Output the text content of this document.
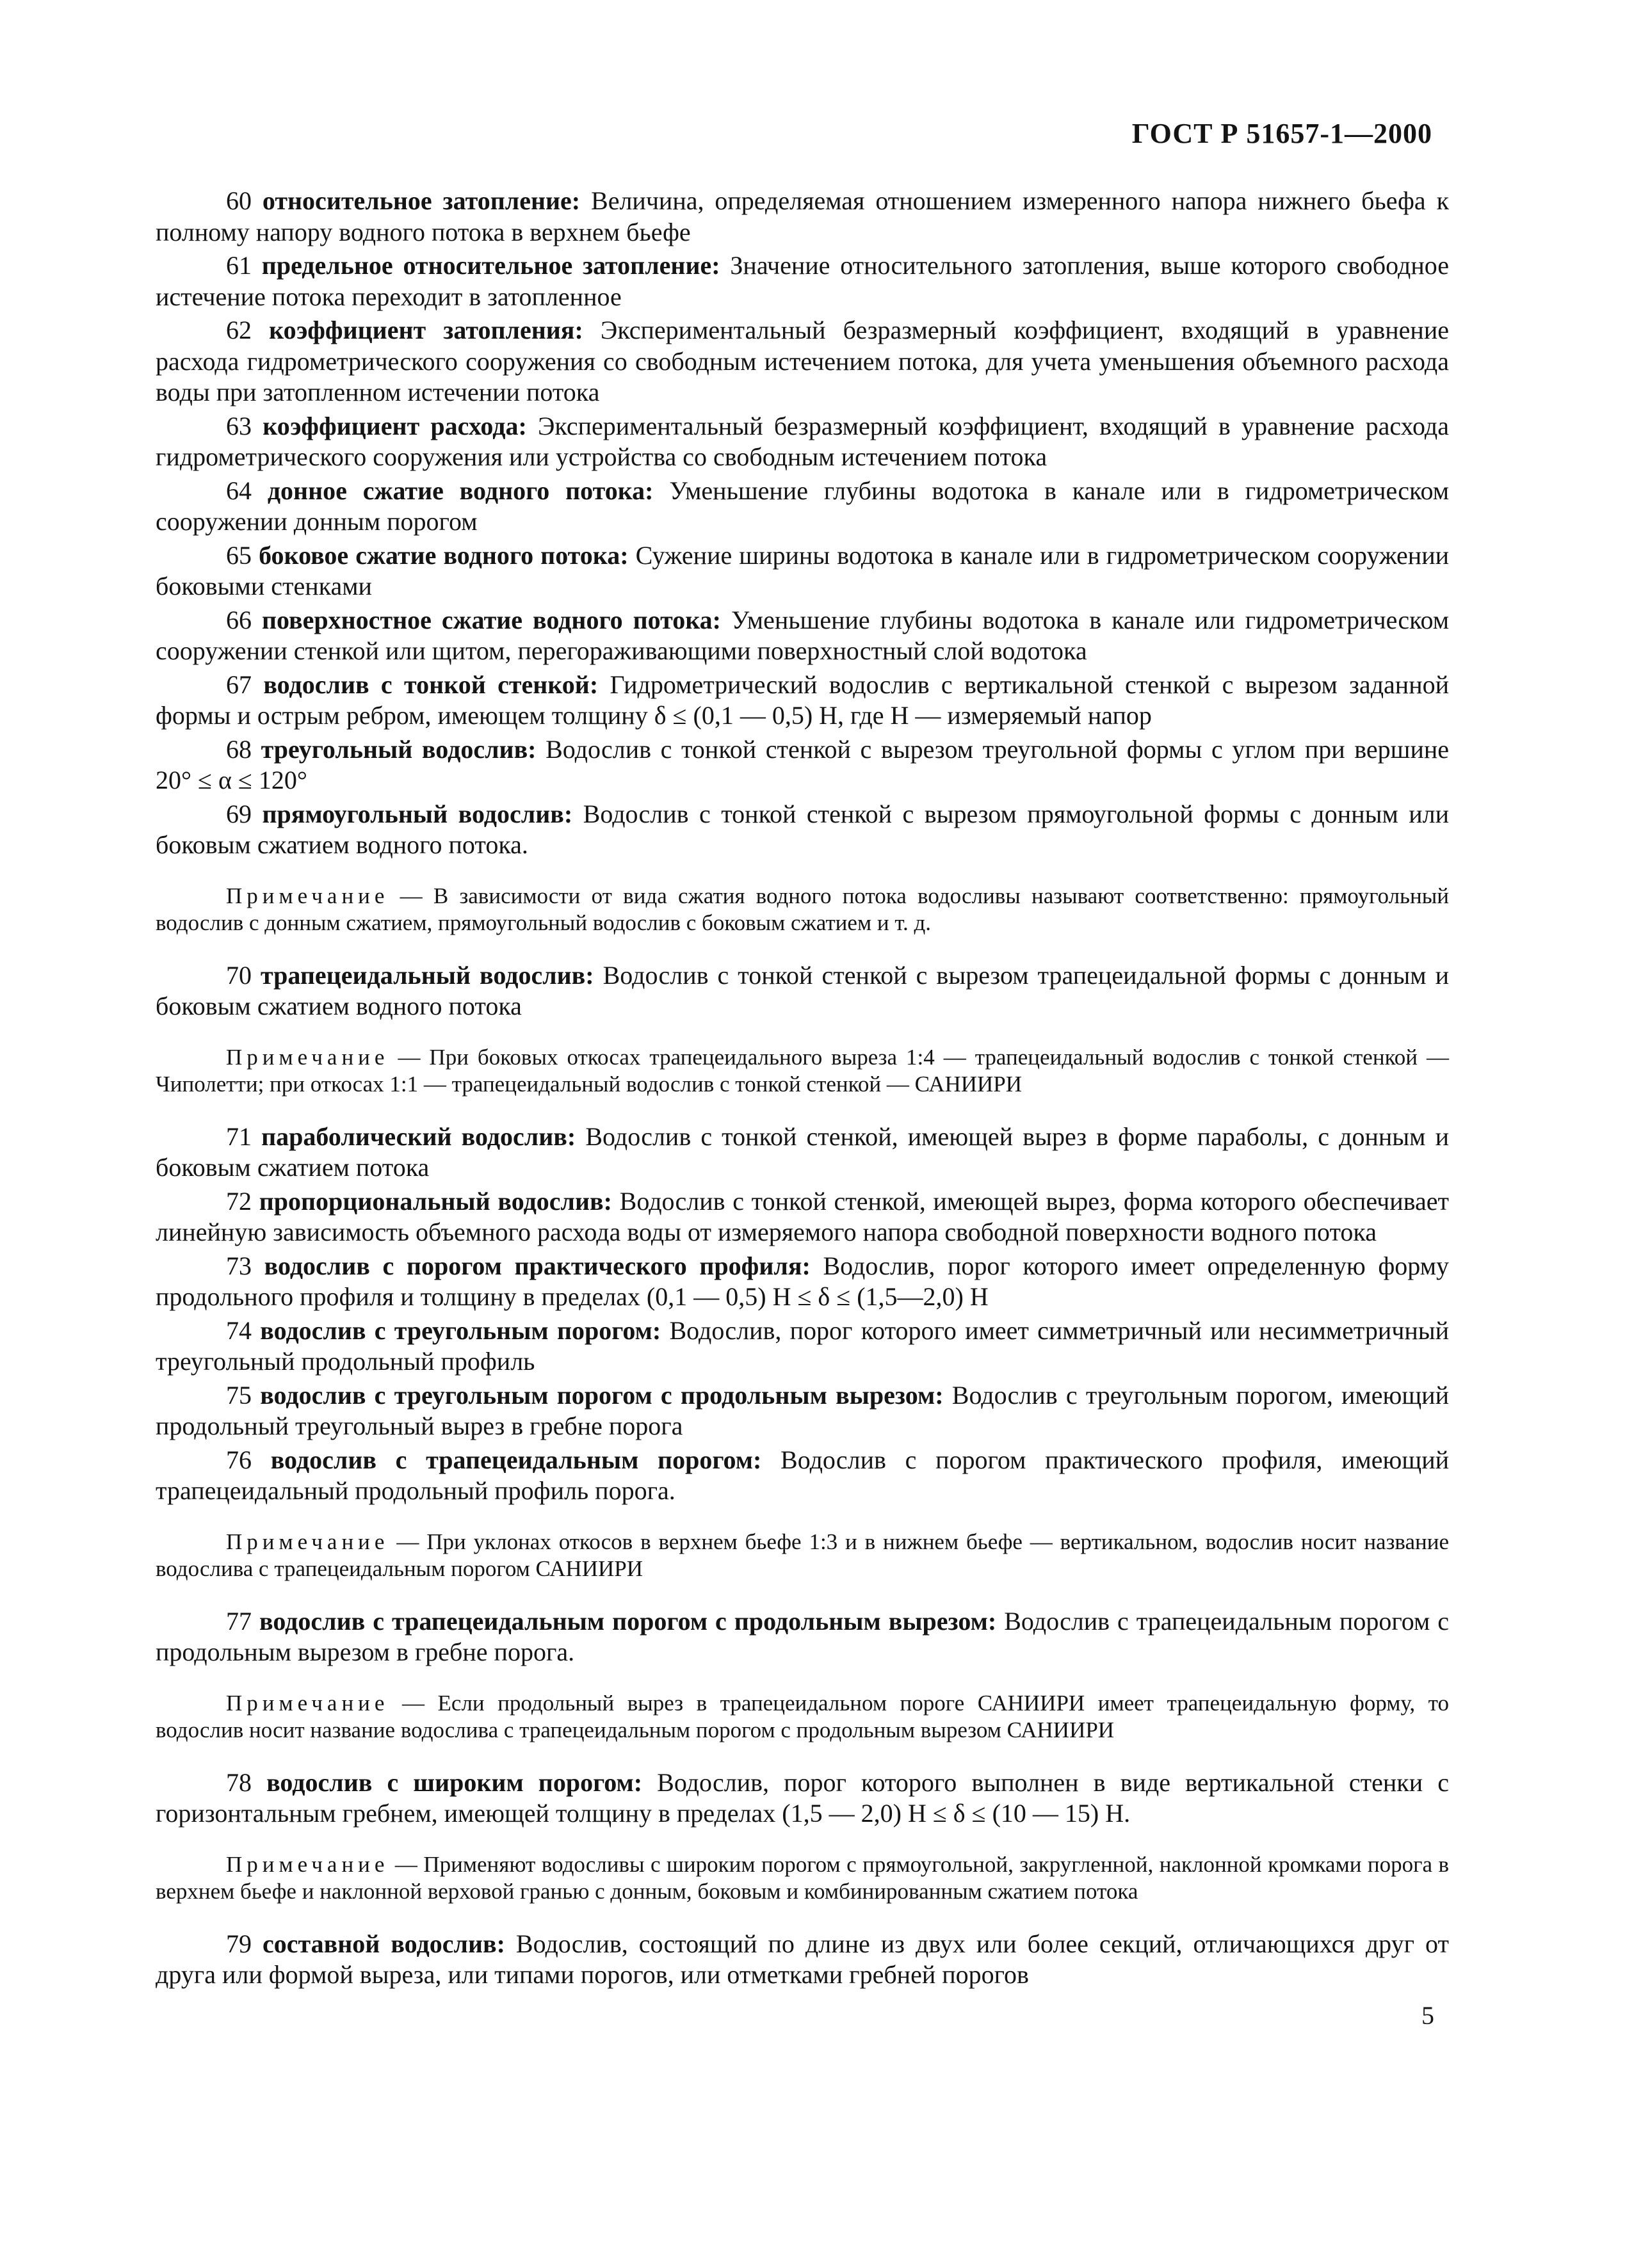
ГОСТ Р 51657-1—2000

60 относительное затопление: Величина, определяемая отношением измеренного напора нижнего бьефа к полному напору водного потока в верхнем бьефе

61 предельное относительное затопление: Значение относительного затопления, выше которого свободное истечение потока переходит в затопленное

62 коэффициент затопления: Экспериментальный безразмерный коэффициент, входящий в уравнение расхода гидрометрического сооружения со свободным истечением потока, для учета уменьшения объемного расхода воды при затопленном истечении потока

63 коэффициент расхода: Экспериментальный безразмерный коэффициент, входящий в уравнение расхода гидрометрического сооружения или устройства со свободным истечением потока

64 донное сжатие водного потока: Уменьшение глубины водотока в канале или в гидрометрическом сооружении донным порогом

65 боковое сжатие водного потока: Сужение ширины водотока в канале или в гидрометрическом сооружении боковыми стенками

66 поверхностное сжатие водного потока: Уменьшение глубины водотока в канале или гидрометрическом сооружении стенкой или щитом, перегораживающими поверхностный слой водотока

67 водослив с тонкой стенкой: Гидрометрический водослив с вертикальной стенкой с вырезом заданной формы и острым ребром, имеющем толщину δ ≤ (0,1 — 0,5) H, где H — измеряемый напор

68 треугольный водослив: Водослив с тонкой стенкой с вырезом треугольной формы с углом при вершине 20° ≤ α ≤ 120°

69 прямоугольный водослив: Водослив с тонкой стенкой с вырезом прямоугольной формы с донным или боковым сжатием водного потока.

Примечание — В зависимости от вида сжатия водного потока водосливы называют соответственно: прямоугольный водослив с донным сжатием, прямоугольный водослив с боковым сжатием и т. д.

70 трапецеидальный водослив: Водослив с тонкой стенкой с вырезом трапецеидальной формы с донным и боковым сжатием водного потока

Примечание — При боковых откосах трапецеидального выреза 1:4 — трапецеидальный водослив с тонкой стенкой — Чиполетти; при откосах 1:1 — трапецеидальный водослив с тонкой стенкой — САНИИРИ

71 параболический водослив: Водослив с тонкой стенкой, имеющей вырез в форме параболы, с донным и боковым сжатием потока

72 пропорциональный водослив: Водослив с тонкой стенкой, имеющей вырез, форма которого обеспечивает линейную зависимость объемного расхода воды от измеряемого напора свободной поверхности водного потока

73 водослив с порогом практического профиля: Водослив, порог которого имеет определенную форму продольного профиля и толщину в пределах (0,1 — 0,5) H ≤ δ ≤ (1,5—2,0) H

74 водослив с треугольным порогом: Водослив, порог которого имеет симметричный или несимметричный треугольный продольный профиль

75 водослив с треугольным порогом с продольным вырезом: Водослив с треугольным порогом, имеющий продольный треугольный вырез в гребне порога

76 водослив с трапецеидальным порогом: Водослив с порогом практического профиля, имеющий трапецеидальный продольный профиль порога.

Примечание — При уклонах откосов в верхнем бьефе 1:3 и в нижнем бьефе — вертикальном, водослив носит название водослива с трапецеидальным порогом САНИИРИ

77 водослив с трапецеидальным порогом с продольным вырезом: Водослив с трапецеидальным порогом с продольным вырезом в гребне порога.

Примечание — Если продольный вырез в трапецеидальном пороге САНИИРИ имеет трапецеидальную форму, то водослив носит название водослива с трапецеидальным порогом с продольным вырезом САНИИРИ

78 водослив с широким порогом: Водослив, порог которого выполнен в виде вертикальной стенки с горизонтальным гребнем, имеющей толщину в пределах (1,5 — 2,0) H ≤ δ ≤ (10 — 15) H.

Примечание — Применяют водосливы с широким порогом с прямоугольной, закругленной, наклонной кромками порога в верхнем бьефе и наклонной верховой гранью с донным, боковым и комбинированным сжатием потока

79 составной водослив: Водослив, состоящий по длине из двух или более секций, отличающихся друг от друга или формой выреза, или типами порогов, или отметками гребней порогов

5
